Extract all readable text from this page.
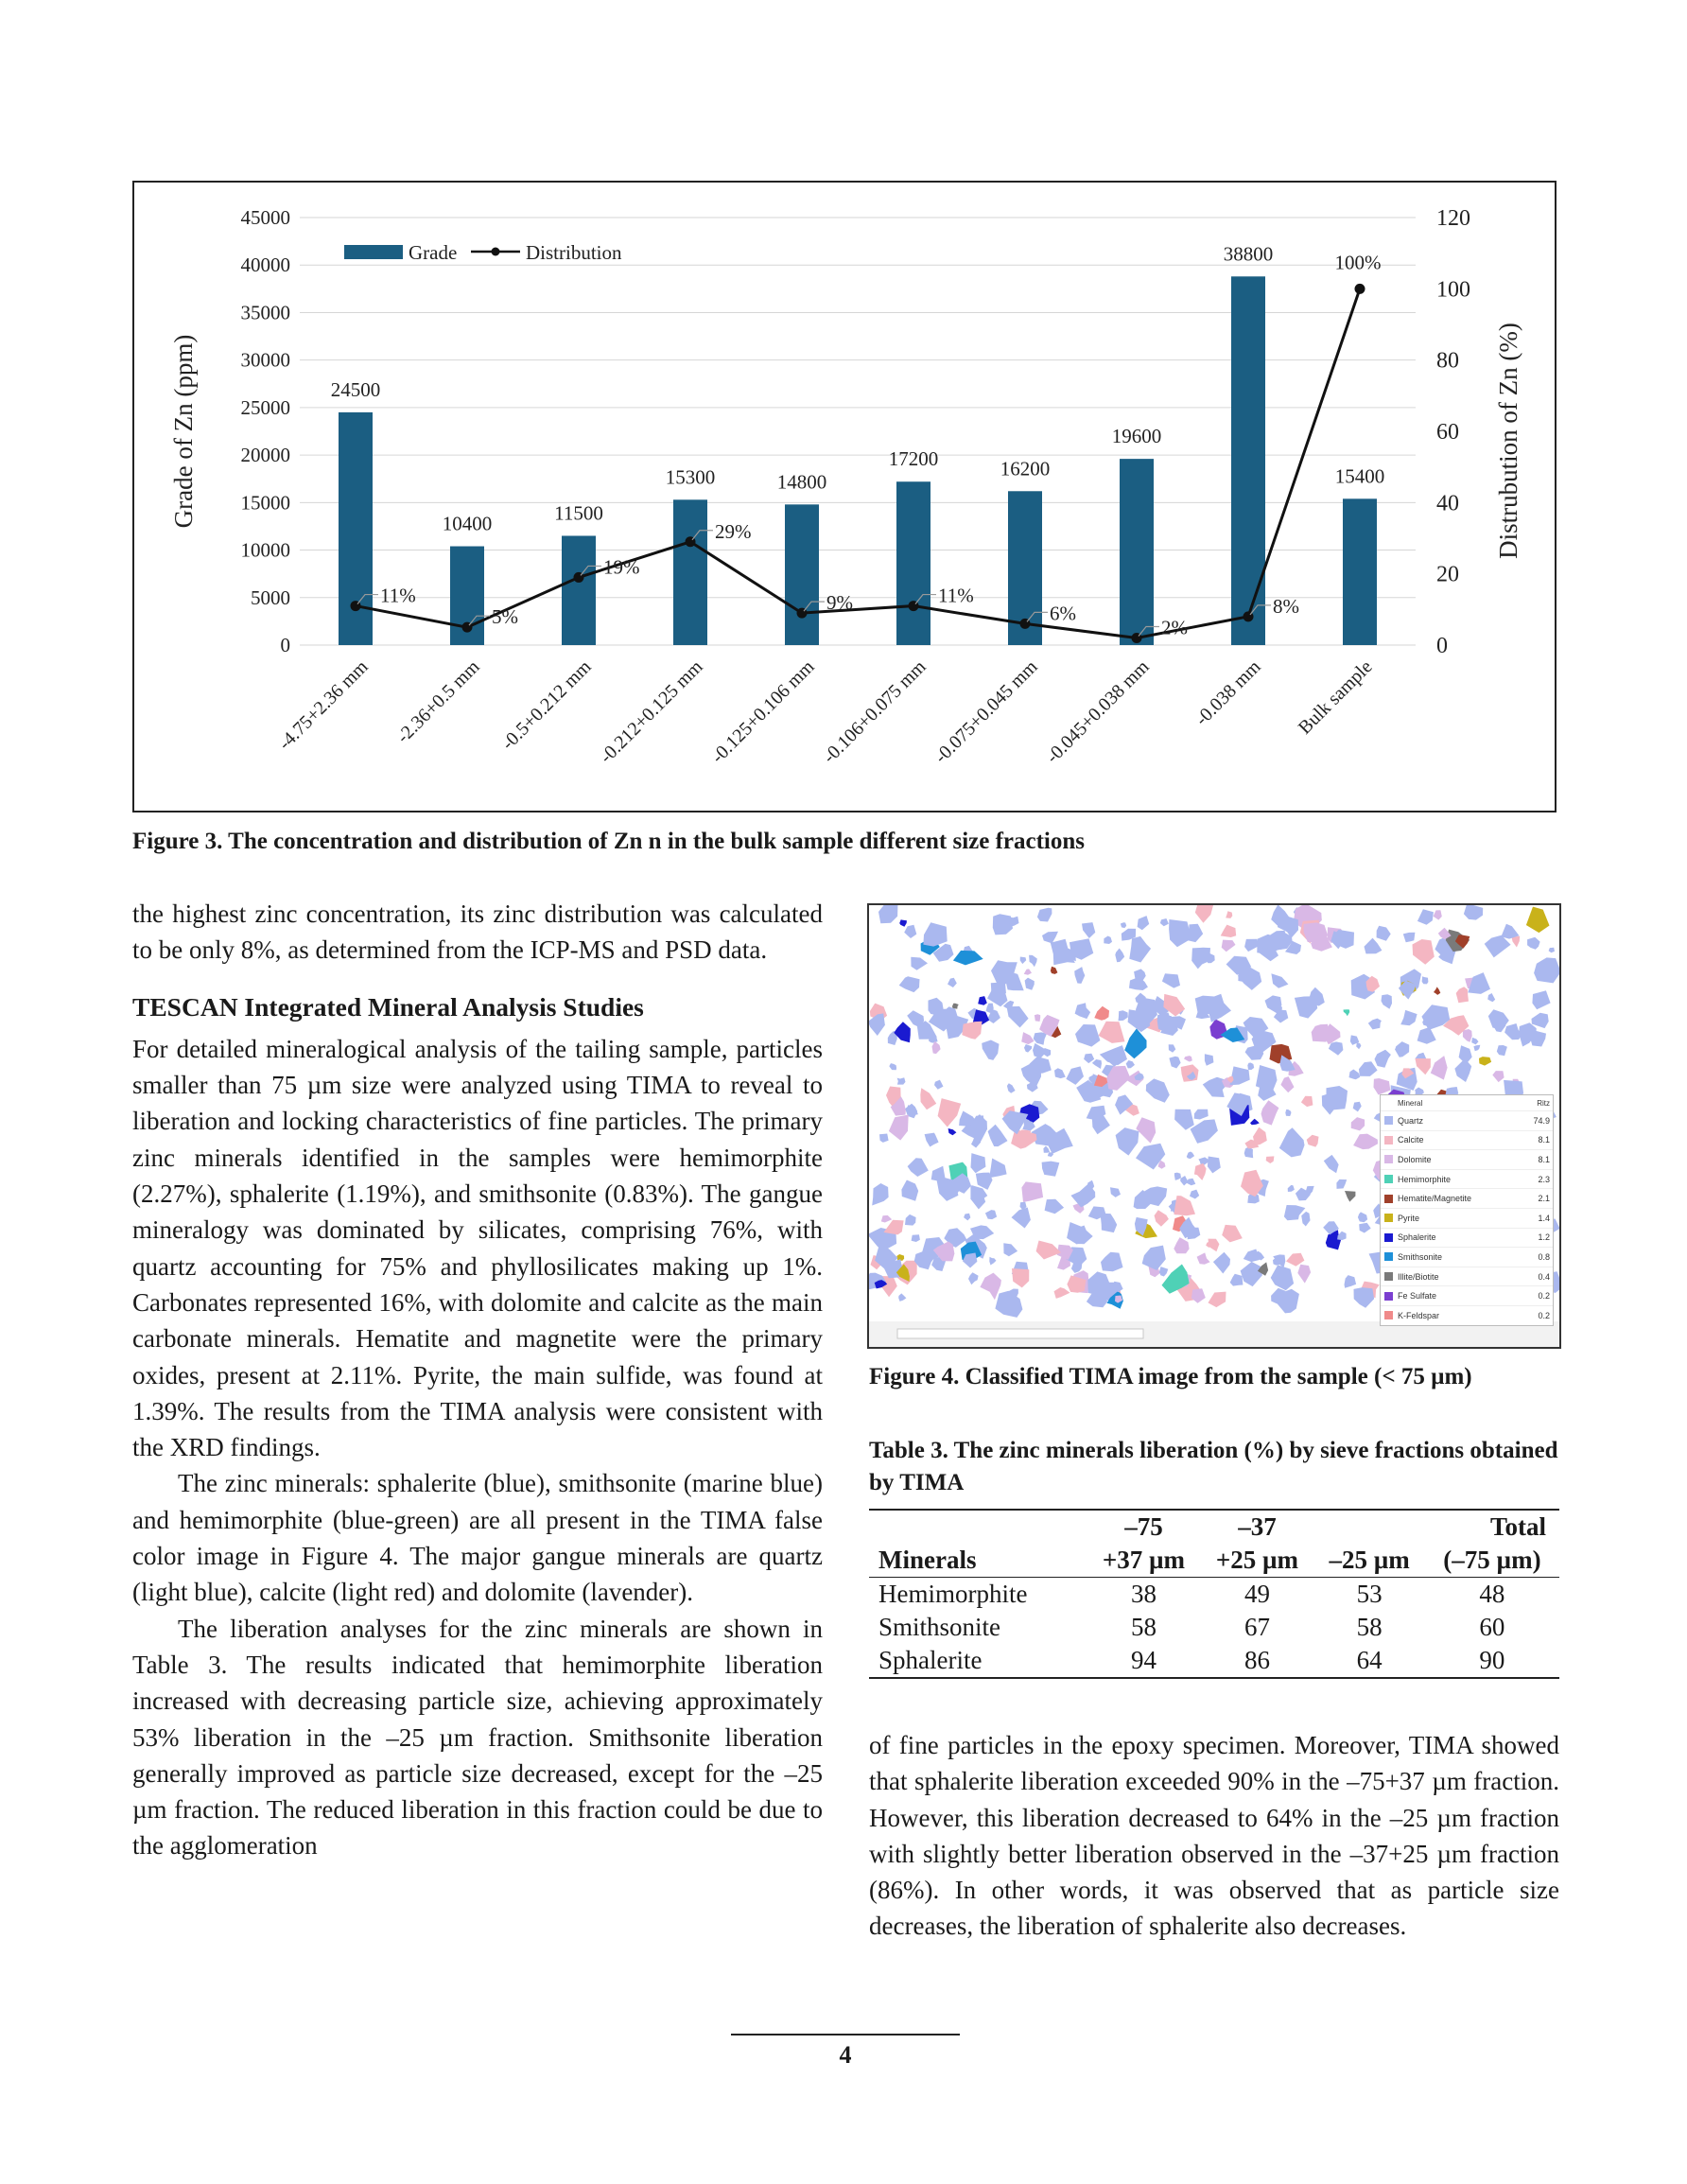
0
5000
10000
15000
20000
25000
30000
35000
40000
45000
0
20
40
60
80
100
120
Grade of Zn (ppm)	Distrubution of Zn (%)
24500
10400	11500
15300	14800
17200	16200
19600
38800
15400
11%
5%
19%
29%
9%	11%
6%
2%
8%
100%
-4.75+2.36 mm -2.36+0.5 mm -0.5+0.212 mm -0.212+0.125 mm -0.125+0.106 mm -0.106+0.075 mm -0.075+0.045 mm -0.045+0.038 mm -0.038 mm Bulk sample
Grade	Distribution
Figure 3. The concentration and distribution of Zn n in the bulk sample different size fractions

the highest zinc concentration, its zinc distribution was calculated to be only 8%, as determined from the ICP-MS and PSD data.

TESCAN Integrated Mineral Analysis Studies

For detailed mineralogical analysis of the tailing sample, particles smaller than 75 µm size were analyzed using TIMA to reveal to liberation and locking characteristics of fine particles. The primary zinc minerals identified in the samples were hemimorphite (2.27%), sphalerite (1.19%), and smithsonite (0.83%). The gangue mineralogy was dominated by silicates, comprising 76%, with quartz accounting for 75% and phyllosilicates making up 1%. Carbonates represented 16%, with dolomite and calcite as the main carbonate minerals. Hematite and magnetite were the primary oxides, present at 2.11%. Pyrite, the main sulfide, was found at 1.39%. The results from the TIMA analysis were consistent with the XRD findings.

The zinc minerals: sphalerite (blue), smithsonite (marine blue) and hemimorphite (blue-green) are all present in the TIMA false color image in Figure 4. The major gangue minerals are quartz (light blue), calcite (light red) and dolomite (lavender).

The liberation analyses for the zinc minerals are shown in Table 3. The results indicated that hemimorphite liberation increased with decreasing particle size, achieving approximately 53% liberation in the –25 µm fraction. Smithsonite liberation generally improved as particle size decreased, except for the –25 µm fraction. The reduced liberation in this fraction could be due to the agglomeration

Mineral	Ritz
Quartz	74.9
Calcite	8.1
Dolomite	8.1
Hemimorphite	2.3
Hematite/Magnetite	2.1
Pyrite	1.4
Sphalerite	1.2
Smithsonite	0.8
Illite/Biotite	0.4
Fe Sulfate	0.2
K-Feldspar	0.2
Figure 4. Classified TIMA image from the sample (< 75 µm)
Table 3. The zinc minerals liberation (%) by sieve fractions obtained by TIMA
	–75	–37		Total
Minerals	+37 µm	+25 µm	–25 µm	(–75 µm)
Hemimorphite	38	49	53	48
Smithsonite	58	67	58	60
Sphalerite	94	86	64	90

of fine particles in the epoxy specimen. Moreover, TIMA showed that sphalerite liberation exceeded 90% in the –75+37 µm fraction. However, this liberation decreased to 64% in the –25 µm fraction with slightly better liberation observed in the –37+25 µm fraction (86%). In other words, it was observed that as particle size decreases, the liberation of sphalerite also decreases.

4
